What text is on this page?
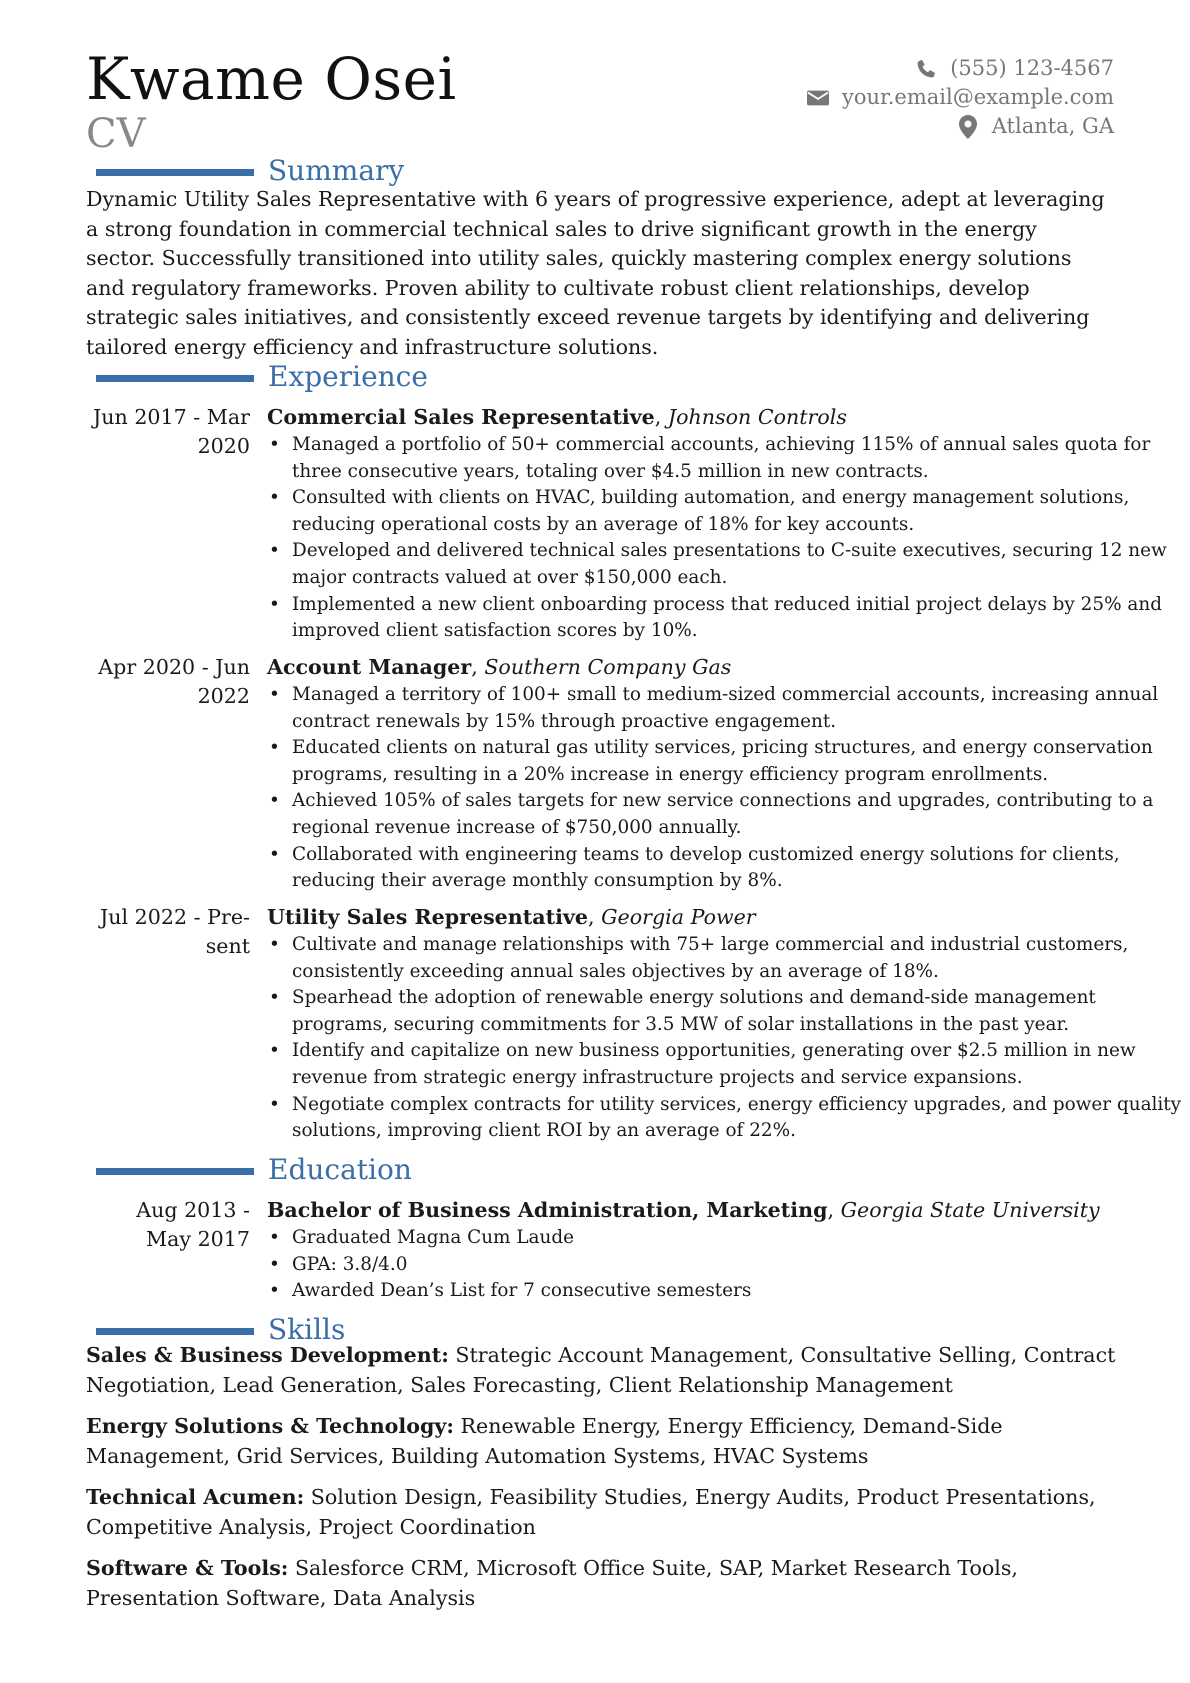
Kwame Osei
CV
(555) 123-4567
your.email@example.com
Atlanta, GA
Summary
Dynamic Utility Sales Representative with 6 years of progressive experience, adept at leveraging a strong foundation in commercial technical sales to drive significant growth in the energy sector. Successfully transitioned into utility sales, quickly mastering complex energy solutions and regulatory frameworks. Proven ability to cultivate robust client relationships, develop strategic sales initiatives, and consistently exceed revenue targets by identifying and delivering tailored energy efficiency and infrastructure solutions.
Experience
Jun 2017 - Mar
2020
Commercial Sales Representative, Johnson Controls
• Managed a portfolio of 50+ commercial accounts, achieving 115% of annual sales quota for three consecutive years, totaling over $4.5 million in new contracts.
• Consulted with clients on HVAC, building automation, and energy management solutions, reducing operational costs by an average of 18% for key accounts.
• Developed and delivered technical sales presentations to C-suite executives, securing 12 new major contracts valued at over $150,000 each.
• Implemented a new client onboarding process that reduced initial project delays by 25% and improved client satisfaction scores by 10%.
Apr 2020 - Jun
2022
Account Manager, Southern Company Gas
• Managed a territory of 100+ small to medium-sized commercial accounts, increasing annual contract renewals by 15% through proactive engagement.
• Educated clients on natural gas utility services, pricing structures, and energy conservation programs, resulting in a 20% increase in energy efficiency program enrollments.
• Achieved 105% of sales targets for new service connections and upgrades, contributing to a regional revenue increase of $750,000 annually.
• Collaborated with engineering teams to develop customized energy solutions for clients, reducing their average monthly consumption by 8%.
Jul 2022 - Pre-
sent
Utility Sales Representative, Georgia Power
• Cultivate and manage relationships with 75+ large commercial and industrial customers, consistently exceeding annual sales objectives by an average of 18%.
• Spearhead the adoption of renewable energy solutions and demand-side management programs, securing commitments for 3.5 MW of solar installations in the past year.
• Identify and capitalize on new business opportunities, generating over $2.5 million in new revenue from strategic energy infrastructure projects and service expansions.
• Negotiate complex contracts for utility services, energy efficiency upgrades, and power quality solutions, improving client ROI by an average of 22%.
Education
Aug 2013 -
May 2017
Bachelor of Business Administration, Marketing, Georgia State University
• Graduated Magna Cum Laude
• GPA: 3.8/4.0
• Awarded Dean’s List for 7 consecutive semesters
Skills
Sales & Business Development: Strategic Account Management, Consultative Selling, Contract Negotiation, Lead Generation, Sales Forecasting, Client Relationship Management
Energy Solutions & Technology: Renewable Energy, Energy Efficiency, Demand-Side Management, Grid Services, Building Automation Systems, HVAC Systems
Technical Acumen: Solution Design, Feasibility Studies, Energy Audits, Product Presentations, Competitive Analysis, Project Coordination
Software & Tools: Salesforce CRM, Microsoft Office Suite, SAP, Market Research Tools, Presentation Software, Data Analysis
